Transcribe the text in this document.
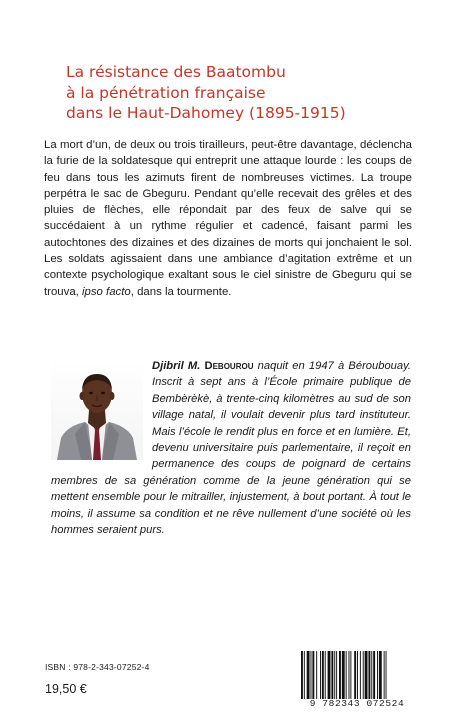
La résistance des Baatombu
à la pénétration française
dans le Haut-Dahomey (1895-1915)

La mort d’un, de deux ou trois tirailleurs, peut-être davantage, déclencha la furie de la soldatesque qui entreprit une attaque lourde : les coups de feu dans tous les azimuts firent de nombreuses victimes. La troupe perpétra le sac de Gbeguru. Pendant qu’elle recevait des grêles et des pluies de flèches, elle répondait par des feux de salve qui se succédaient à un rythme régulier et cadencé, faisant parmi les autochtones des dizaines et des dizaines de morts qui jonchaient le sol. Les soldats agissaient dans une ambiance d’agitation extrême et un contexte psychologique exaltant sous le ciel sinistre de Gbeguru qui se trouva, ipso facto, dans la tourmente.

Djibril M. Debourou naquit en 1947 à Béroubouay. Inscrit à sept ans à l’École primaire publique de Bembèrèkè, à trente-cinq kilomètres au sud de son village natal, il voulait devenir plus tard instituteur. Mais l’école le rendit plus en force et en lumière. Et, devenu universitaire puis parlementaire, il reçoit en permanence des coups de poignard de certains membres de sa génération comme de la jeune génération qui se mettent ensemble pour le mitrailler, injustement, à bout portant. À tout le moins, il assume sa condition et ne rêve nullement d’une société où les hommes seraient purs.

ISBN : 978-2-343-07252-4
19,50 €
9 782343 072524
